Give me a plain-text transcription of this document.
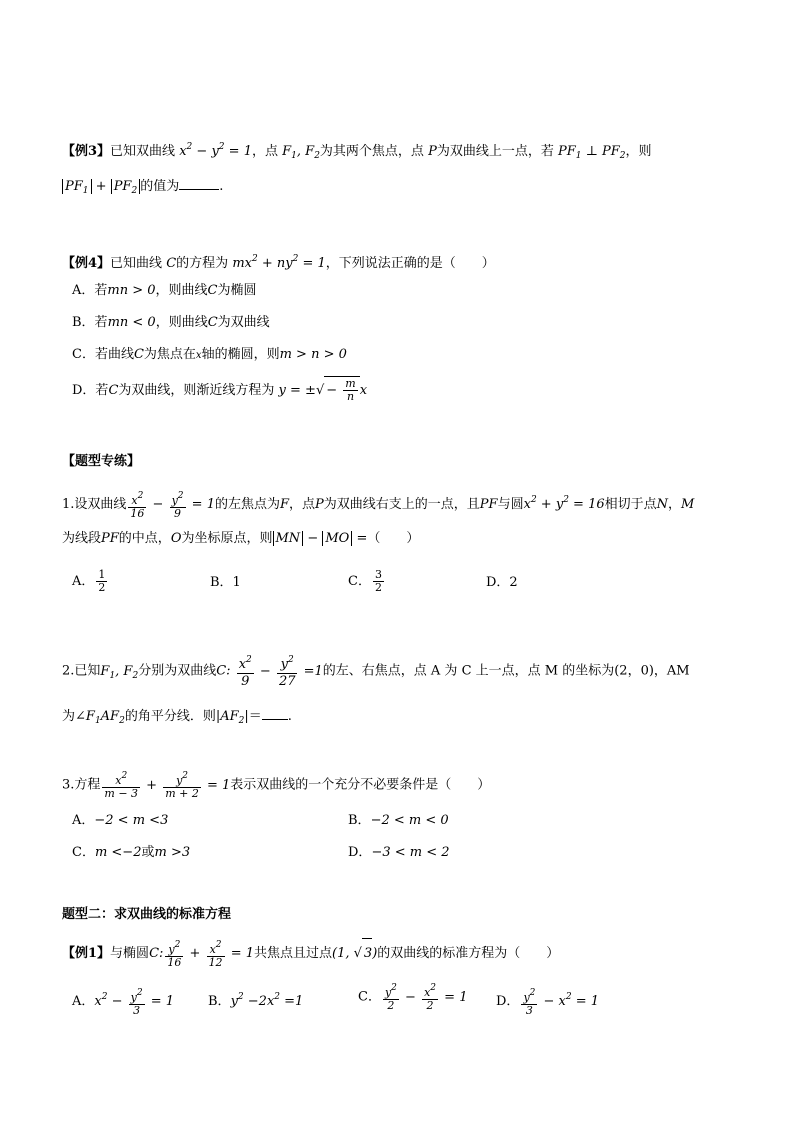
【例3】已知双曲线 $x^2 - y^2 = 1$，点 $F_1$, $F_2$为其两个焦点，点 P为双曲线上一点，若 $PF_1$ ⊥ $PF_2$，则
$PF_1 + PF_2$ 的值为	.
【例4】已知曲线 C的方程为 $mx^2 + ny^2 = 1$，下列说法正确的是（　　）
A．若mn > 0，则曲线C为椭圆
B．若mn < 0，则曲线C为双曲线
C．若曲线C为焦点在x轴的椭圆，则m > n > 0
D．若C为双曲线，则渐近线方程为 y = ±√ − $\frac{m}{n}$ x
【题型专练】
1.设双曲线 $\frac{x^2}{16} - \frac{y^2}{9} = 1$的左焦点为F，点P为双曲线右支上的一点，且PF与圆$x^2 + y^2 = 16$相切于点N，M
为线段PF的中点，O为坐标原点，则 MN − MO =（　　）
A． $\frac{1}{2}$	B．1	C． $\frac{3}{2}$	D．2
2.已知$F_1$, $F_2$分别为双曲线C: $\frac{x^2}{9} - \frac{y^2}{27} =1$的左、右焦点，点 A 为 C 上一点，点 M 的坐标为(2，0)，AM
为$\angle F_1AF_2$的角平分线．则$|AF_2|=$ .
3.方程 $\frac{x^2}{m - 3} + \frac{y^2}{m + 2} = 1$表示双曲线的一个充分不必要条件是（　　）
A．−2 < m <3	B．−2 < m < 0
C．m <−2或m >3	D．−3 < m < 2
题型二：求双曲线的标准方程
【例1】与椭圆C: $\frac{y^2}{16} + \frac{x^2}{12} = 1$共焦点且过点(1, √ 3)的双曲线的标准方程为（　　）
A．$x^2 - \frac{y^2}{3} = 1$	B．$y^2 -2x^2 =1$	C． $\frac{y^2}{2} - \frac{x^2}{2} = 1$ D． $\frac{y^2}{3} - x^2 = 1$
